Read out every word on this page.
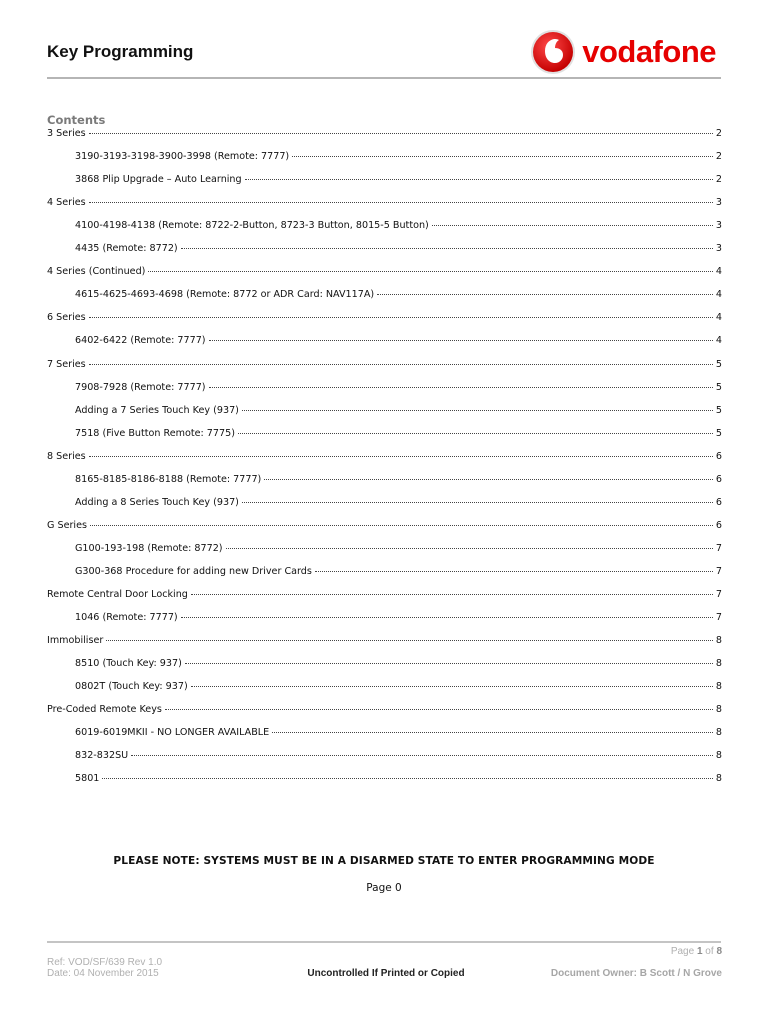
Key Programming	vodafone
Contents
3 Series	2
3190-3193-3198-3900-3998 (Remote: 7777)	2
3868 Plip Upgrade – Auto Learning	2
4 Series	3
4100-4198-4138 (Remote: 8722-2-Button, 8723-3 Button, 8015-5 Button)	3
4435 (Remote: 8772)	3
4 Series (Continued)	4
4615-4625-4693-4698 (Remote: 8772 or ADR Card: NAV117A)	4
6 Series	4
6402-6422 (Remote: 7777)	4
7 Series	5
7908-7928 (Remote: 7777)	5
Adding a 7 Series Touch Key (937)	5
7518 (Five Button Remote: 7775)	5
8 Series	6
8165-8185-8186-8188 (Remote: 7777)	6
Adding a 8 Series Touch Key (937)	6
G Series	6
G100-193-198 (Remote: 8772)	7
G300-368 Procedure for adding new Driver Cards	7
Remote Central Door Locking	7
1046 (Remote: 7777)	7
Immobiliser	8
8510 (Touch Key: 937)	8
0802T (Touch Key: 937)	8
Pre-Coded Remote Keys	8
6019-6019MKII - NO LONGER AVAILABLE	8
832-832SU	8
5801	8
PLEASE NOTE: SYSTEMS MUST BE IN A DISARMED STATE TO ENTER PROGRAMMING MODE
Page 0
Page 1 of 8
Ref: VOD/SF/639 Rev 1.0
Date: 04 November 2015	Uncontrolled If Printed or Copied	Document Owner: B Scott / N Grove
